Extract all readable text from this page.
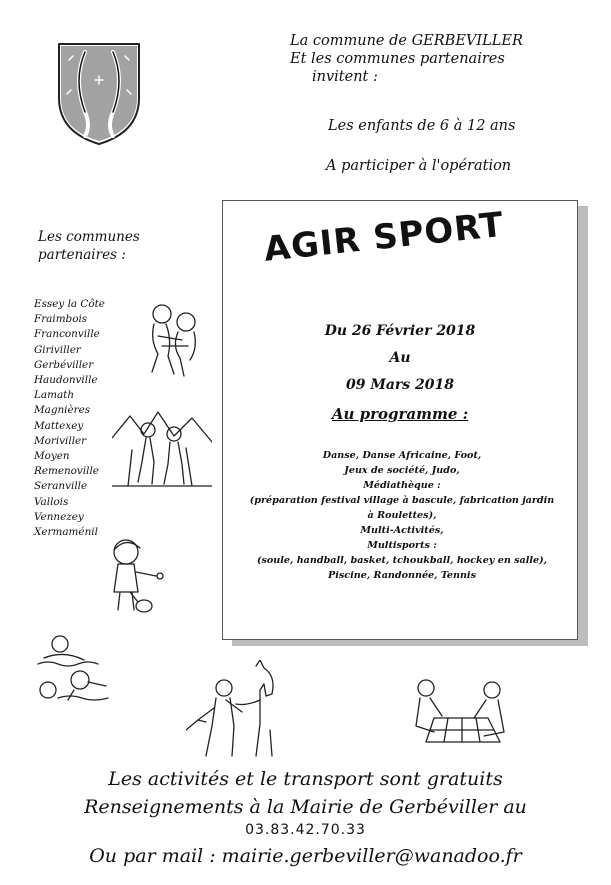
La commune de GERBEVILLER
Et les communes partenaires
invitent :
Les enfants de 6 à 12 ans
A participer à l'opération
AGIR SPORT
Du 26 Février 2018
Au
09 Mars 2018
Au programme :
Danse, Danse Africaine, Foot,
Jeux de société, Judo,
Médiathèque :
(préparation festival village à bascule, fabrication jardin
à Roulettes),
Multi-Activités,
Multisports :
(soule, handball, basket, tchoukball, hockey en salle),
Piscine, Randonnée, Tennis
Les communes
partenaires :
Essey la Côte
Fraimbois
Franconville
Giriviller
Gerbéviller
Haudonville
Lamath
Magnières
Mattexey
Moriviller
Moyen
Remenoville
Seranville
Vallois
Vennezey
Xermaménil
Les activités et le transport sont gratuits
Renseignements à la Mairie de Gerbéviller au
03.83.42.70.33
Ou par mail : mairie.gerbeviller@wanadoo.fr
